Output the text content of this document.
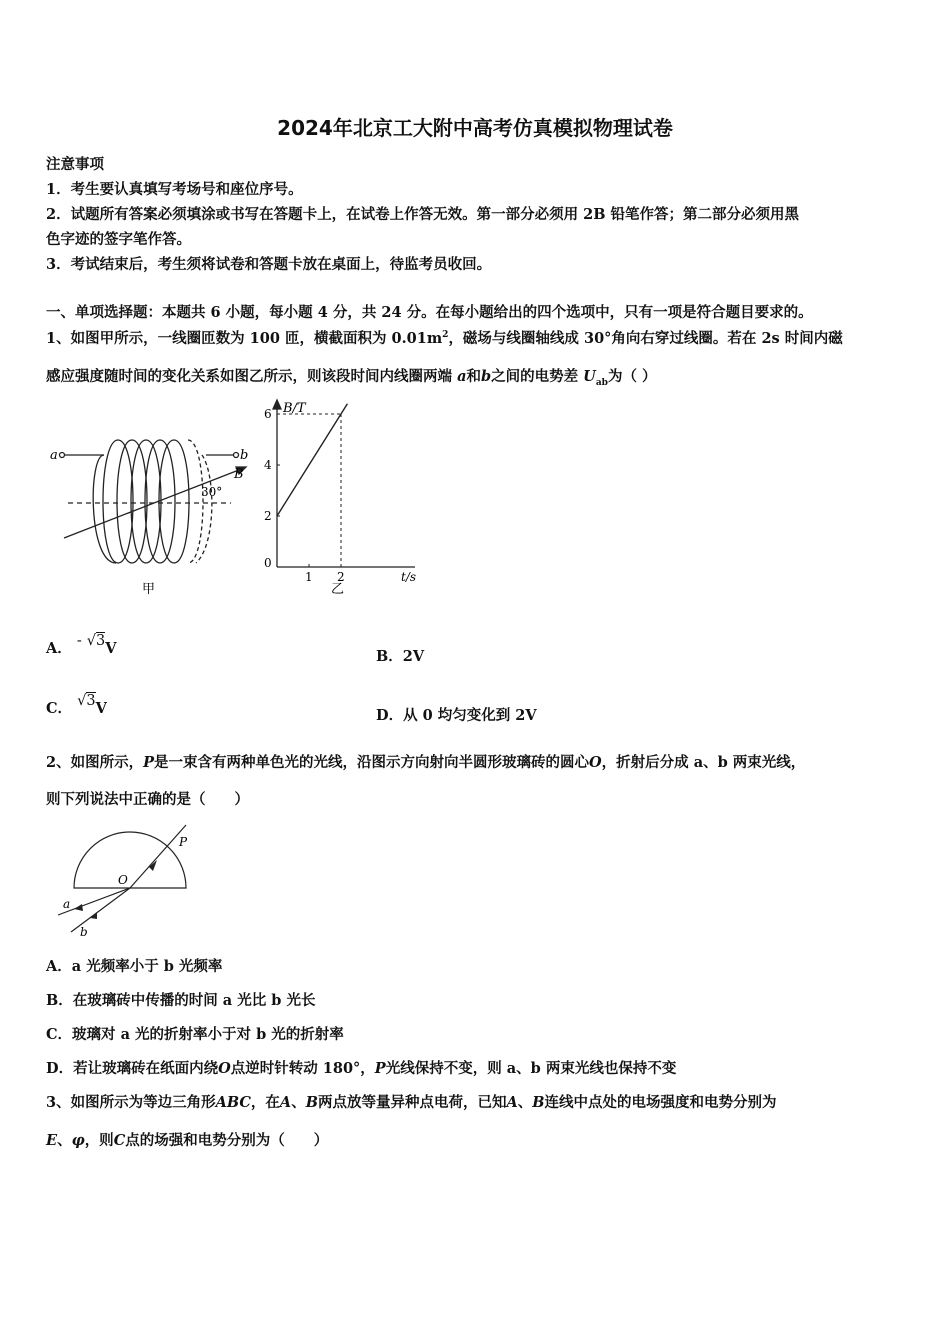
2024年北京工大附中高考仿真模拟物理试卷
注意事项
1．考生要认真填写考场号和座位序号。
2．试题所有答案必须填涂或书写在答题卡上，在试卷上作答无效。第一部分必须用 2B 铅笔作答；第二部分必须用黑
色字迹的签字笔作答。
3．考试结束后，考生须将试卷和答题卡放在桌面上，待监考员收回。
一、单项选择题：本题共 6 小题，每小题 4 分，共 24 分。在每小题给出的四个选项中，只有一项是符合题目要求的。
1、如图甲所示，一线圈匝数为 100 匝，横截面积为 $0.01m^2$，磁场与线圈轴线成 30°角向右穿过线圈。若在 2s 时间内磁
感应强度随时间的变化关系如图乙所示，则该段时间内线圈两端 a和b之间的电势差 $U_{ab}$为（ ）
a	b
B
30°
甲
0
2
4
6
1 2
B/T
t/s
乙
A． - √3V	B．2V
C． √3V	D．从 0 均匀变化到 2V
2、如图所示，P是一束含有两种单色光的光线，沿图示方向射向半圆形玻璃砖的圆心O，折射后分成 a、b 两束光线，
则下列说法中正确的是（　　）
P
O
a
b
A．a 光频率小于 b 光频率
B．在玻璃砖中传播的时间 a 光比 b 光长
C．玻璃对 a 光的折射率小于对 b 光的折射率
D．若让玻璃砖在纸面内绕O点逆时针转动 180°，P光线保持不变，则 a、b 两束光线也保持不变
3、如图所示为等边三角形ABC，在A、B两点放等量异种点电荷，已知A、B连线中点处的电场强度和电势分别为
E、φ，则C点的场强和电势分别为（　　）
